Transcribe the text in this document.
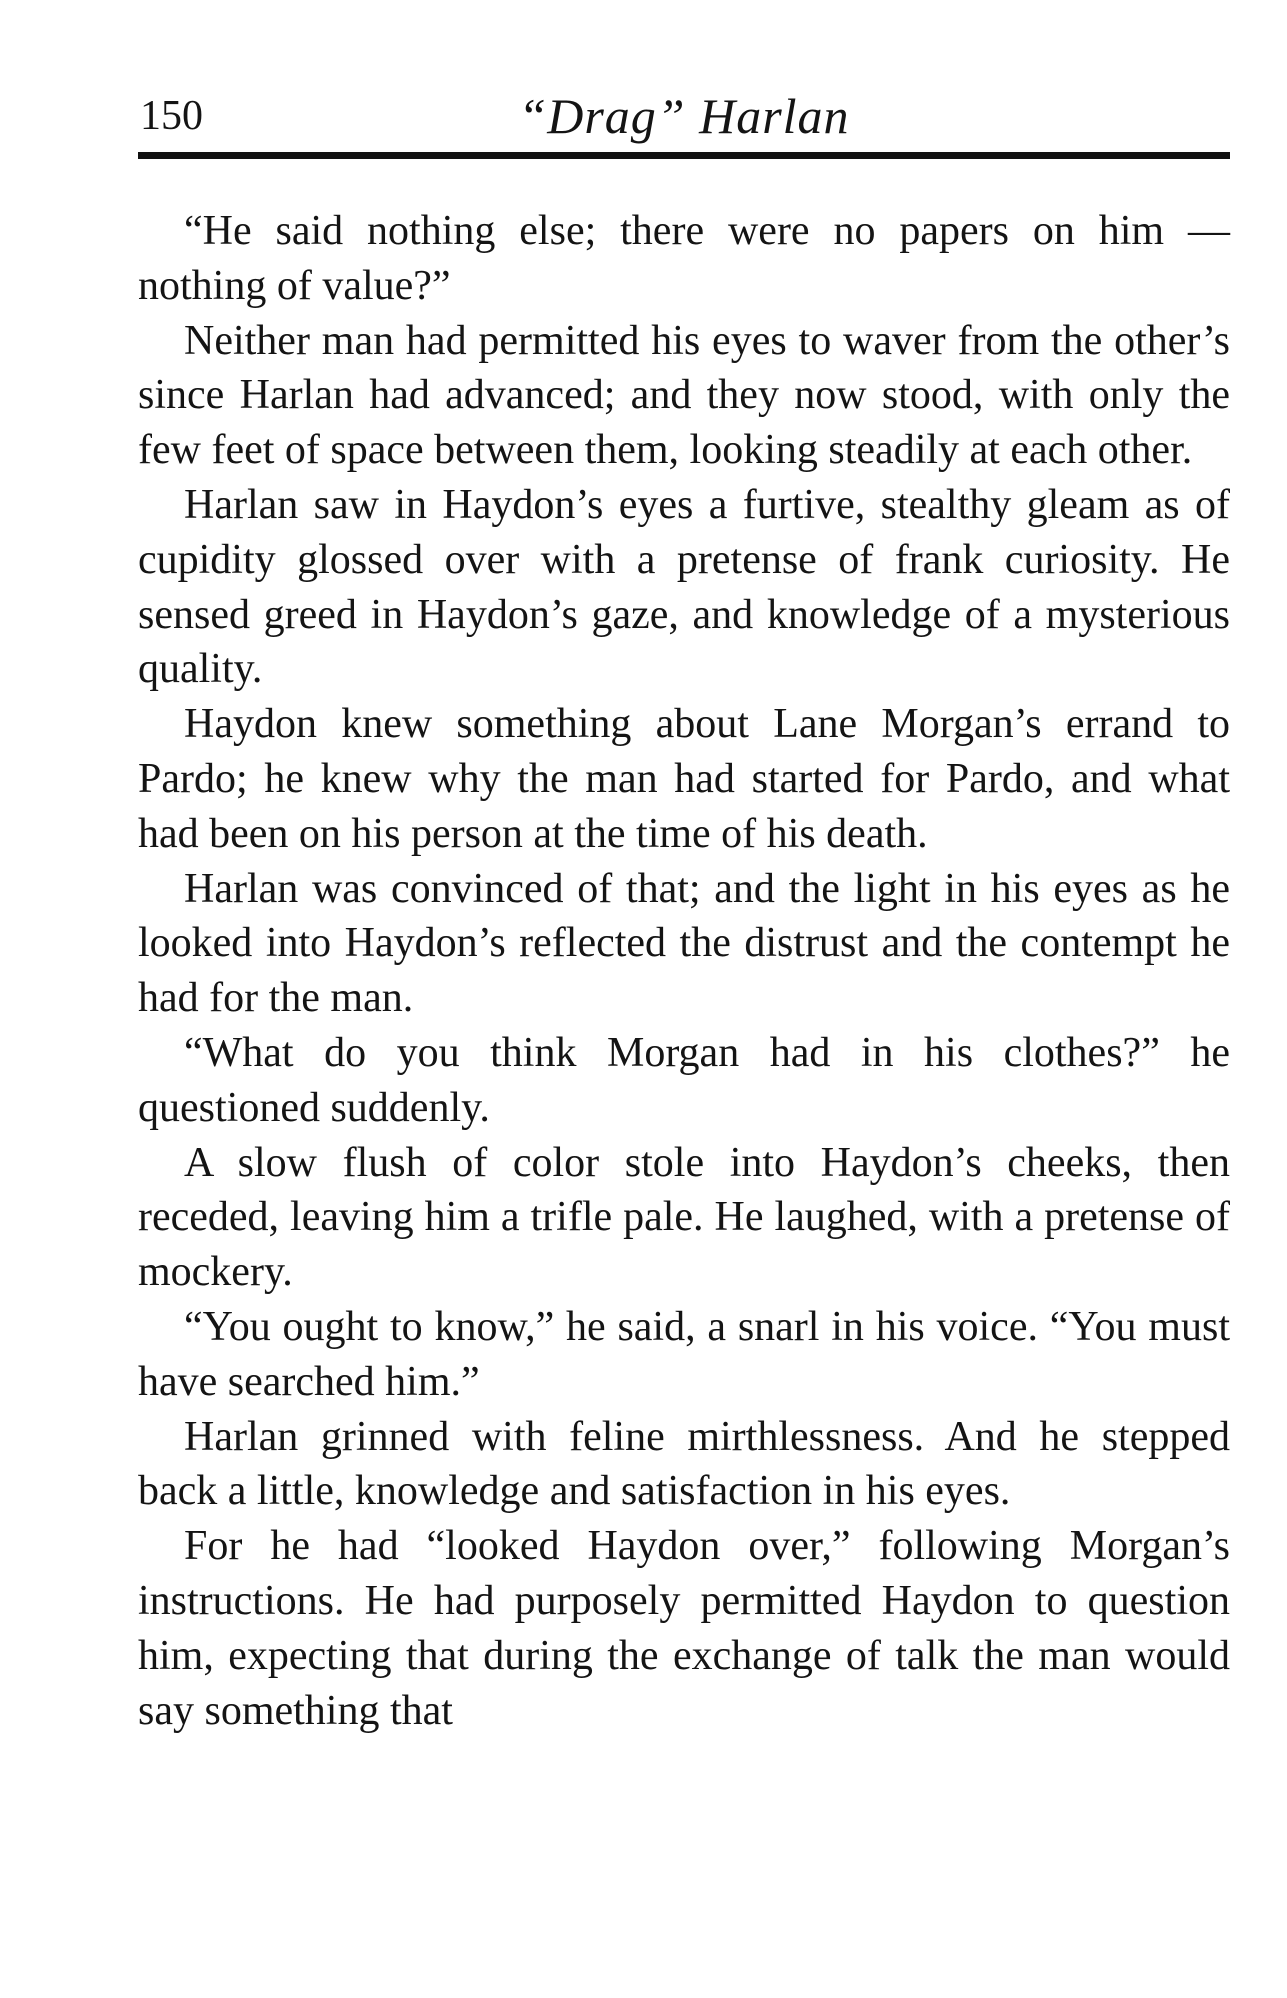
150	“Drag” Harlan

“He said nothing else; there were no papers on him — nothing of value?”

Neither man had permitted his eyes to waver from the other’s since Harlan had advanced; and they now stood, with only the few feet of space between them, looking steadily at each other.

Harlan saw in Haydon’s eyes a furtive, stealthy gleam as of cupidity glossed over with a pretense of frank curiosity. He sensed greed in Haydon’s gaze, and knowledge of a mysterious quality.

Haydon knew something about Lane Morgan’s errand to Pardo; he knew why the man had started for Pardo, and what had been on his person at the time of his death.

Harlan was convinced of that; and the light in his eyes as he looked into Haydon’s reflected the distrust and the contempt he had for the man.

“What do you think Morgan had in his clothes?” he questioned suddenly.

A slow flush of color stole into Haydon’s cheeks, then receded, leaving him a trifle pale. He laughed, with a pretense of mockery.

“You ought to know,” he said, a snarl in his voice. “You must have searched him.”

Harlan grinned with feline mirthlessness. And he stepped back a little, knowledge and satisfaction in his eyes.

For he had “looked Haydon over,” following Morgan’s instructions. He had purposely permitted Haydon to question him, expecting that during the exchange of talk the man would say something that
